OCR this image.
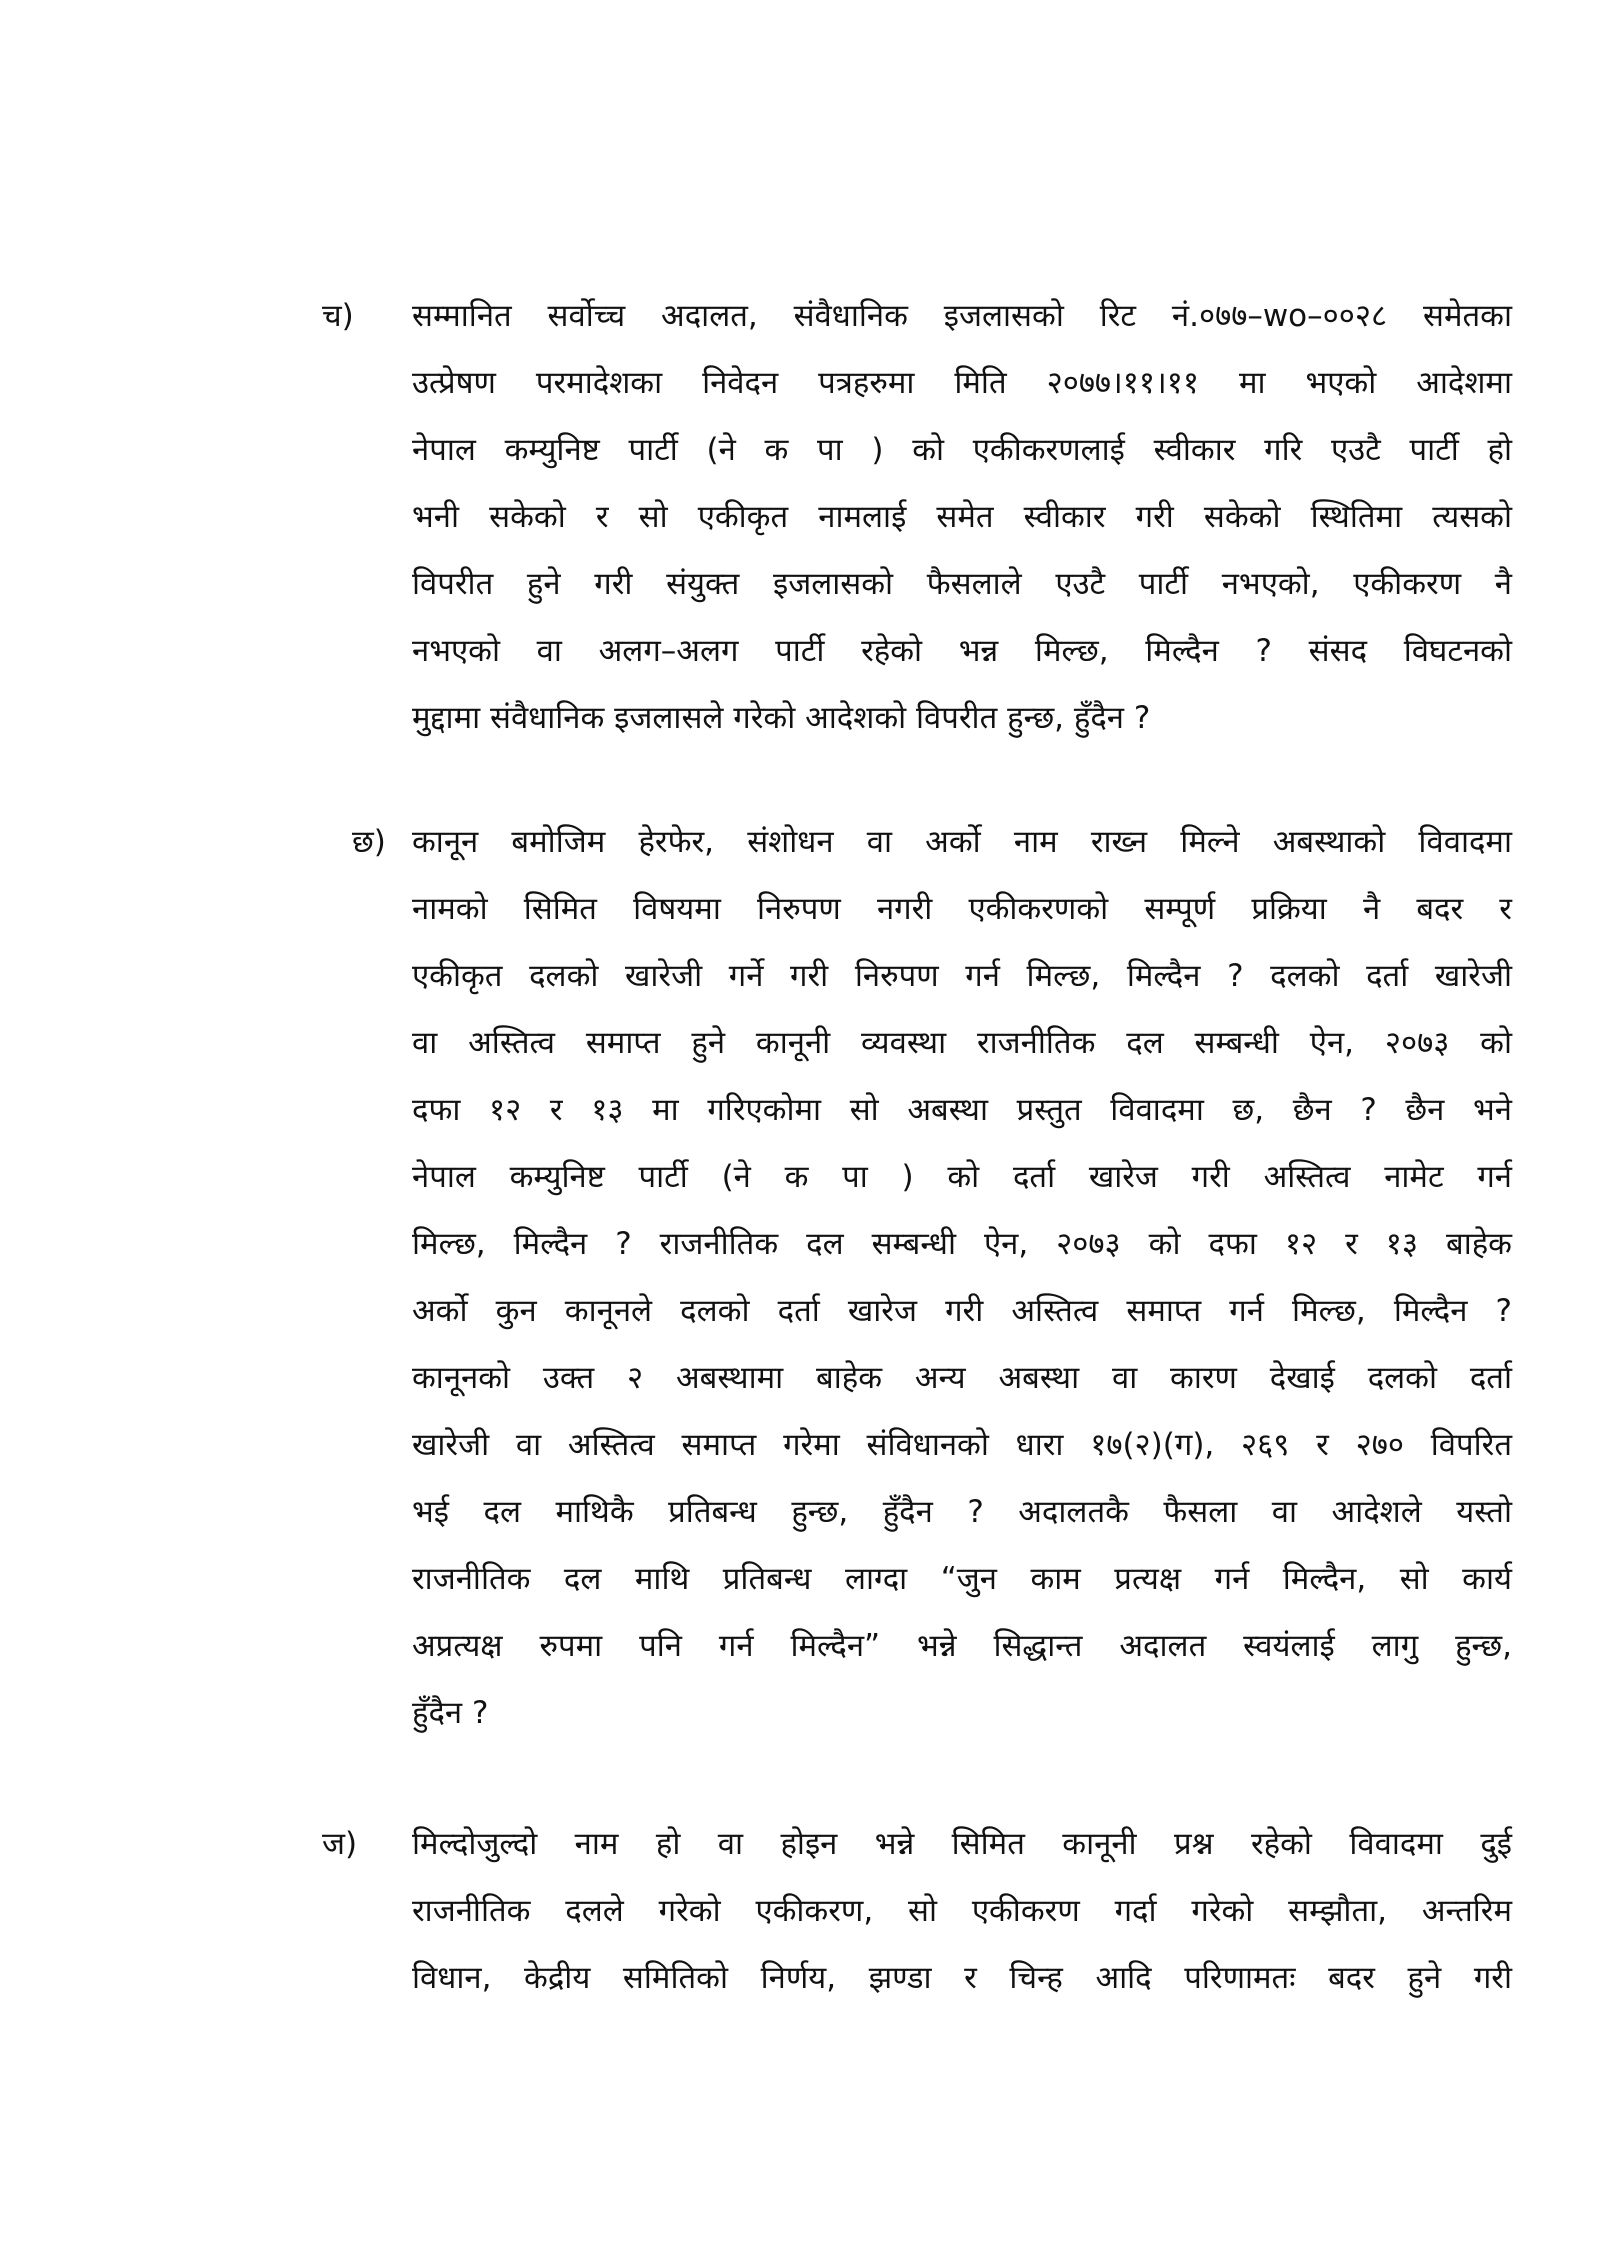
च) सम्मानित सर्वोच्च अदालत, संवैधानिक इजलासको रिट नं.०७७–wo–००२८ समेतका
उत्प्रेषण परमादेशका निवेदन पत्रहरुमा मिति २०७७।११।११ मा भएको आदेशमा
नेपाल कम्युनिष्ट पार्टी (ने क पा ) को एकीकरणलाई स्वीकार गरि एउटै पार्टी हो
भनी सकेको र सो एकीकृत नामलाई समेत स्वीकार गरी सकेको स्थितिमा त्यसको
विपरीत हुने गरी संयुक्त इजलासको फैसलाले एउटै पार्टी नभएको, एकीकरण नै
नभएको वा अलग–अलग पार्टी रहेको भन्न मिल्छ, मिल्दैन ? संसद विघटनको
मुद्दामा संवैधानिक इजलासले गरेको आदेशको विपरीत हुन्छ, हुँदैन ?
छ) कानून बमोजिम हेरफेर, संशोधन वा अर्को नाम राख्न मिल्ने अबस्थाको विवादमा
नामको सिमित विषयमा निरुपण नगरी एकीकरणको सम्पूर्ण प्रक्रिया नै बदर र
एकीकृत दलको खारेजी गर्ने गरी निरुपण गर्न मिल्छ, मिल्दैन ? दलको दर्ता खारेजी
वा अस्तित्व समाप्त हुने कानूनी व्यवस्था राजनीतिक दल सम्बन्धी ऐन, २०७३ को
दफा १२ र १३ मा गरिएकोमा सो अबस्था प्रस्तुत विवादमा छ, छैन ? छैन भने
नेपाल कम्युनिष्ट पार्टी (ने क पा ) को दर्ता खारेज गरी अस्तित्व नामेट गर्न
मिल्छ, मिल्दैन ? राजनीतिक दल सम्बन्धी ऐन, २०७३ को दफा १२ र १३ बाहेक
अर्को कुन कानूनले दलको दर्ता खारेज गरी अस्तित्व समाप्त गर्न मिल्छ, मिल्दैन ?
कानूनको उक्त २ अबस्थामा बाहेक अन्य अबस्था वा कारण देखाई दलको दर्ता
खारेजी वा अस्तित्व समाप्त गरेमा संविधानको धारा १७(२)(ग), २६९ र २७० विपरित
भई दल माथिकै प्रतिबन्ध हुन्छ, हुँदैन ? अदालतकै फैसला वा आदेशले यस्तो
राजनीतिक दल माथि प्रतिबन्ध लाग्दा “जुन काम प्रत्यक्ष गर्न मिल्दैन, सो कार्य
अप्रत्यक्ष रुपमा पनि गर्न मिल्दैन” भन्ने सिद्धान्त अदालत स्वयंलाई लागु हुन्छ,
हुँदैन ?
ज) मिल्दोजुल्दो नाम हो वा होइन भन्ने सिमित कानूनी प्रश्न रहेको विवादमा दुई
राजनीतिक दलले गरेको एकीकरण, सो एकीकरण गर्दा गरेको सम्झौता, अन्तरिम
विधान, केद्रीय समितिको निर्णय, झण्डा र चिन्ह आदि परिणामतः बदर हुने गरी
